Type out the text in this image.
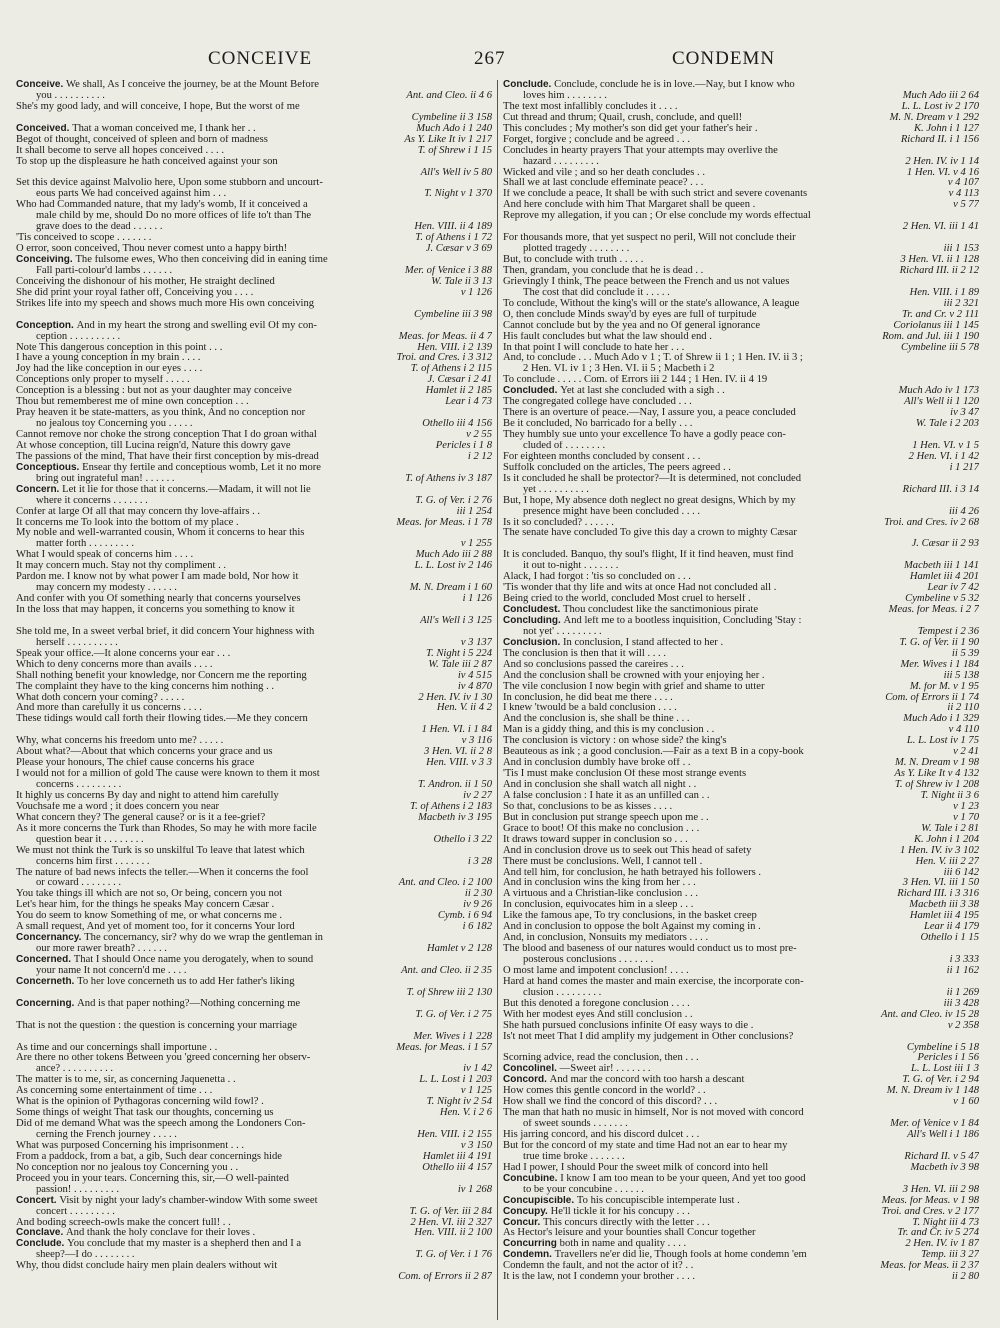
CONCEIVE	267	CONDEMN
Conceive. We shall, As I conceive the journey, be at the Mount Before
Ant. and Cleo. ii 4 6
you . . . . . . . . . .
She's my good lady, and will conceive, I hope, But the worst of me
Cymbeline ii 3 158
Much Ado i 1 240
Conceived. That a woman conceived me, I thank her . .
As Y. Like It iv 1 217
Begot of thought, conceived of spleen and born of madness
T. of Shrew i 1 15
It shall become to serve all hopes conceived . . . .
To stop up the displeasure he hath conceived against your son
All's Well iv 5 80
Set this device against Malvolio here, Upon some stubborn and uncourt-
T. Night v 1 370
eous parts We had conceived against him . . .
Who had Commanded nature, that my lady's womb, If it conceived a
male child by me, should Do no more offices of life to't than The
Hen. VIII. ii 4 189
grave does to the dead . . . . . .
T. of Athens i 1 72
'Tis conceived to scope . . . . . . .
J. Cæsar v 3 69
O error, soon conceived, Thou never comest unto a happy birth!
Conceiving. The fulsome ewes, Who then conceiving did in eaning time
Mer. of Venice i 3 88
Fall parti-colour'd lambs . . . . . .
W. Tale ii 3 13
Conceiving the dishonour of his mother, He straight declined
v 1 126
She did print your royal father off, Conceiving you . . . .
Strikes life into my speech and shows much more His own conceiving
Cymbeline iii 3 98
Conception. And in my heart the strong and swelling evil Of my con-
Meas. for Meas. ii 4 7
ception . . . . . . . . . .
Hen. VIII. i 2 139
Note This dangerous conception in this point . . .
Troi. and Cres. i 3 312
I have a young conception in my brain . . . .
T. of Athens i 2 115
Joy had the like conception in our eyes . . . .
J. Cæsar i 2 41
Conceptions only proper to myself . . . . .
Hamlet ii 2 185
Conception is a blessing : but not as your daughter may conceive
Lear i 4 73
Thou but rememberest me of mine own conception . . .
Pray heaven it be state-matters, as you think, And no conception nor
Othello iii 4 156
no jealous toy Concerning you . . . . .
v 2 55
Cannot remove nor choke the strong conception That I do groan withal
Pericles i 1 8
At whose conception, till Lucina reign'd, Nature this dowry gave
i 2 12
The passions of the mind, That have their first conception by mis-dread
Conceptious. Ensear thy fertile and conceptious womb, Let it no more
T. of Athens iv 3 187
bring out ingrateful man! . . . . . .
Concern. Let it lie for those that it concerns.—Madam, it will not lie
T. G. of Ver. i 2 76
where it concerns . . . . . . .
iii 1 254
Confer at large Of all that may concern thy love-affairs . .
Meas. for Meas. i 1 78
It concerns me To look into the bottom of my place .
My noble and well-warranted cousin, Whom it concerns to hear this
v 1 255
matter forth . . . . . . . . .
Much Ado iii 2 88
What I would speak of concerns him . . . .
L. L. Lost iv 2 146
It may concern much. Stay not thy compliment . .
Pardon me. I know not by what power I am made bold, Nor how it
M. N. Dream i 1 60
may concern my modesty . . . . . .
i 1 126
And confer with you Of something nearly that concerns yourselves
In the loss that may happen, it concerns you something to know it
All's Well i 3 125
She told me, In a sweet verbal brief, it did concern Your highness with
v 3 137
herself . . . . . . . . . .
T. Night i 5 224
Speak your office.—It alone concerns your ear . . .
W. Tale iii 2 87
Which to deny concerns more than avails . . . .
iv 4 515
Shall nothing benefit your knowledge, nor Concern me the reporting
iv 4 870
The complaint they have to the king concerns him nothing . .
2 Hen. IV. iv 1 30
What doth concern your coming? . . . . .
Hen. V. ii 4 2
And more than carefully it us concerns . . . .
These tidings would call forth their flowing tides.—Me they concern
1 Hen. VI. i 1 84
v 3 116
Why, what concerns his freedom unto me? . . . . .
3 Hen. VI. ii 2 8
About what?—About that which concerns your grace and us
Hen. VIII. v 3 3
Please your honours, The chief cause concerns his grace
I would not for a million of gold The cause were known to them it most
T. Andron. ii 1 50
concerns . . . . . . . . .
iv 2 27
It highly us concerns By day and night to attend him carefully
T. of Athens i 2 183
Vouchsafe me a word ; it does concern you near
Macbeth iv 3 195
What concern they? The general cause? or is it a fee-grief?
As it more concerns the Turk than Rhodes, So may he with more facile
Othello i 3 22
question bear it . . . . . . . .
We must not think the Turk is so unskilful To leave that latest which
i 3 28
concerns him first . . . . . . .
The nature of bad news infects the teller.—When it concerns the fool
Ant. and Cleo. i 2 100
or coward . . . . . . . .
ii 2 30
You take things ill which are not so, Or being, concern you not
iv 9 26
Let's hear him, for the things he speaks May concern Cæsar .
Cymb. i 6 94
You do seem to know Something of me, or what concerns me .
i 6 182
A small request, And yet of moment too, for it concerns Your lord
Concernancy. The concernancy, sir? why do we wrap the gentleman in
Hamlet v 2 128
our more rawer breath? . . . . . .
Concerned. That I should Once name you derogately, when to sound
Ant. and Cleo. ii 2 35
your name It not concern'd me . . . .
Concerneth. To her love concerneth us to add Her father's liking
T. of Shrew iii 2 130
Concerning. And is that paper nothing?—Nothing concerning me
T. G. of Ver. i 2 75
That is not the question : the question is concerning your marriage
Mer. Wives i 1 228
Meas. for Meas. i 1 57
As time and our concernings shall importune . .
Are there no other tokens Between you 'greed concerning her observ-
iv 1 42
ance? . . . . . . . . . .
L. L. Lost i 1 203
The matter is to me, sir, as concerning Jaquenetta . .
v 1 125
As concerning some entertainment of time . . .
T. Night iv 2 54
What is the opinion of Pythagoras concerning wild fowl? .
Hen. V. i 2 6
Some things of weight That task our thoughts, concerning us
Did of me demand What was the speech among the Londoners Con-
Hen. VIII. i 2 155
cerning the French journey . . . . .
v 3 150
What was purposed Concerning his imprisonment . . .
Hamlet iii 4 191
From a paddock, from a bat, a gib, Such dear concernings hide
Othello iii 4 157
No conception nor no jealous toy Concerning you . .
Proceed you in your tears. Concerning this, sir,—O well-painted
iv 1 268
passion! . . . . . . . . .
Concert. Visit by night your lady's chamber-window With some sweet
T. G. of Ver. iii 2 84
concert . . . . . . . . .
2 Hen. VI. iii 2 327
And boding screech-owls make the concert full! . .
Hen. VIII. ii 2 100
Conclave. And thank the holy conclave for their loves .
Conclude. You conclude that my master is a shepherd then and I a
T. G. of Ver. i 1 76
sheep?—I do . . . . . . . .
Why, thou didst conclude hairy men plain dealers without wit
Com. of Errors ii 2 87
Conclude. Conclude, conclude he is in love.—Nay, but I know who
Much Ado iii 2 64
loves him . . . . . . . .
L. L. Lost iv 2 170
The text most infallibly concludes it . . . .
M. N. Dream v 1 292
Cut thread and thrum; Quail, crush, conclude, and quell!
K. John i 1 127
This concludes ; My mother's son did get your father's heir .
Richard II. i 1 156
Forget, forgive ; conclude and be agreed . . .
Concludes in hearty prayers That your attempts may overlive the
2 Hen. IV. iv 1 14
hazard . . . . . . . . .
1 Hen. VI. v 4 16
Wicked and vile ; and so her death concludes . .
v 4 107
Shall we at last conclude effeminate peace? . . .
v 4 113
If we conclude a peace, It shall be with such strict and severe covenants
v 5 77
And here conclude with him That Margaret shall be queen .
Reprove my allegation, if you can ; Or else conclude my words effectual
2 Hen. VI. iii 1 41
For thousands more, that yet suspect no peril, Will not conclude their
iii 1 153
plotted tragedy . . . . . . . .
3 Hen. VI. ii 1 128
But, to conclude with truth . . . . .
Richard III. ii 2 12
Then, grandam, you conclude that he is dead . .
Grievingly I think, The peace between the French and us not values
Hen. VIII. i 1 89
The cost that did conclude it . . . . .
iii 2 321
To conclude, Without the king's will or the state's allowance, A league
Tr. and Cr. v 2 111
O, then conclude Minds sway'd by eyes are full of turpitude
Coriolanus iii 1 145
Cannot conclude but by the yea and no Of general ignorance
Rom. and Jul. iii 1 190
His fault concludes but what the law should end .
Cymbeline iii 5 78
In that point I will conclude to hate her . . .
And, to conclude . . . Much Ado v 1 ; T. of Shrew ii 1 ; 1 Hen. IV. ii 3 ;
2 Hen. VI. iv 1 ; 3 Hen. VI. ii 5 ; Macbeth i 2
To conclude . . . . . Com. of Errors iii 2 144 ; 1 Hen. IV. ii 4 19
Much Ado iv 1 173
Concluded. Yet at last she concluded with a sigh . .
All's Well ii 1 120
The congregated college have concluded . . .
iv 3 47
There is an overture of peace.—Nay, I assure you, a peace concluded
W. Tale i 2 203
Be it concluded, No barricado for a belly . . .
They humbly sue unto your excellence To have a godly peace con-
1 Hen. VI. v 1 5
cluded of . . . . . . . .
2 Hen. VI. i 1 42
For eighteen months concluded by consent . . .
i 1 217
Suffolk concluded on the articles, The peers agreed . .
Is it concluded he shall be protector?—It is determined, not concluded
Richard III. i 3 14
yet . . . . . . . . . .
But, I hope, My absence doth neglect no great designs, Which by my
iii 4 26
presence might have been concluded . . . .
Troi. and Cres. iv 2 68
Is it so concluded? . . . . . .
The senate have concluded To give this day a crown to mighty Cæsar
J. Cæsar ii 2 93
It is concluded. Banquo, thy soul's flight, If it find heaven, must find
Macbeth iii 1 141
it out to-night . . . . . . .
Hamlet iii 4 201
Alack, I had forgot : 'tis so concluded on . . .
Lear iv 7 42
'Tis wonder that thy life and wits at once Had not concluded all .
Cymbeline v 5 32
Being cried to the world, concluded Most cruel to herself .
Meas. for Meas. i 2 7
Concludest. Thou concludest like the sanctimonious pirate
Concluding. And left me to a bootless inquisition, Concluding 'Stay :
Tempest i 2 36
not yet' . . . . . . . . .
T. G. of Ver. ii 1 90
Conclusion. In conclusion, I stand affected to her .
ii 5 39
The conclusion is then that it will . . . .
Mer. Wives i 1 184
And so conclusions passed the careires . . .
iii 5 138
And the conclusion shall be crowned with your enjoying her .
M. for M. v 1 95
The vile conclusion I now begin with grief and shame to utter
Com. of Errors ii 1 74
In conclusion, he did beat me there . . . .
ii 2 110
I knew 'twould be a bald conclusion . . . .
Much Ado i 1 329
And the conclusion is, she shall be thine . . .
v 4 110
Man is a giddy thing, and this is my conclusion . .
L. L. Lost iv 1 75
The conclusion is victory : on whose side? the king's
v 2 41
Beauteous as ink ; a good conclusion.—Fair as a text B in a copy-book
M. N. Dream v 1 98
And in conclusion dumbly have broke off . .
As Y. Like It v 4 132
'Tis I must make conclusion Of these most strange events
T. of Shrew iv 1 208
And in conclusion she shall watch all night . .
T. Night ii 3 6
A false conclusion : I hate it as an unfilled can . .
v 1 23
So that, conclusions to be as kisses . . . .
v 1 70
But in conclusion put strange speech upon me . .
W. Tale i 2 81
Grace to boot! Of this make no conclusion . . .
K. John i 1 204
It draws toward supper in conclusion so . . .
1 Hen. IV. iv 3 102
And in conclusion drove us to seek out This head of safety
Hen. V. iii 2 27
There must be conclusions. Well, I cannot tell .
iii 6 142
And tell him, for conclusion, he hath betrayed his followers .
3 Hen. VI. iii 1 50
And in conclusion wins the king from her . . .
Richard III. i 3 316
A virtuous and a Christian-like conclusion . . .
Macbeth iii 3 38
In conclusion, equivocates him in a sleep . . .
Hamlet iii 4 195
Like the famous ape, To try conclusions, in the basket creep
Lear ii 4 179
And in conclusion to oppose the bolt Against my coming in .
Othello i 1 15
And, in conclusion, Nonsuits my mediators . . . .
The blood and baseness of our natures would conduct us to most pre-
i 3 333
posterous conclusions . . . . . . .
ii 1 162
O most lame and impotent conclusion! . . . .
Hard at hand comes the master and main exercise, the incorporate con-
ii 1 269
clusion . . . . . . . . .
iii 3 428
But this denoted a foregone conclusion . . . .
Ant. and Cleo. iv 15 28
With her modest eyes And still conclusion . .
v 2 358
She hath pursued conclusions infinite Of easy ways to die .
Is't not meet That I did amplify my judgement in Other conclusions?
Cymbeline i 5 18
Pericles i 1 56
Scorning advice, read the conclusion, then . . .
L. L. Lost iii 1 3
Concolinel. —Sweet air! . . . . . . .
T. G. of Ver. i 2 94
Concord. And mar the concord with too harsh a descant
M. N. Dream iv 1 148
How comes this gentle concord in the world? . .
v 1 60
How shall we find the concord of this discord? . . .
The man that hath no music in himself, Nor is not moved with concord
Mer. of Venice v 1 84
of sweet sounds . . . . . . .
All's Well i 1 186
His jarring concord, and his discord dulcet . . .
But for the concord of my state and time Had not an ear to hear my
Richard II. v 5 47
true time broke . . . . . . .
Macbeth iv 3 98
Had I power, I should Pour the sweet milk of concord into hell
Concubine. I know I am too mean to be your queen, And yet too good
3 Hen. VI. iii 2 98
to be your concubine . . . . . .
Meas. for Meas. v 1 98
Concupiscible. To his concupiscible intemperate lust .
Troi. and Cres. v 2 177
Concupy. He'll tickle it for his concupy . . .
T. Night iii 4 73
Concur. This concurs directly with the letter . . .
Tr. and Cr. iv 5 274
As Hector's leisure and your bounties shall Concur together
2 Hen. IV. iv 1 87
Concurring both in name and quality . . . .
Temp. iii 3 27
Condemn. Travellers ne'er did lie, Though fools at home condemn 'em
Meas. for Meas. ii 2 37
Condemn the fault, and not the actor of it? . .
ii 2 80
It is the law, not I condemn your brother . . . .
